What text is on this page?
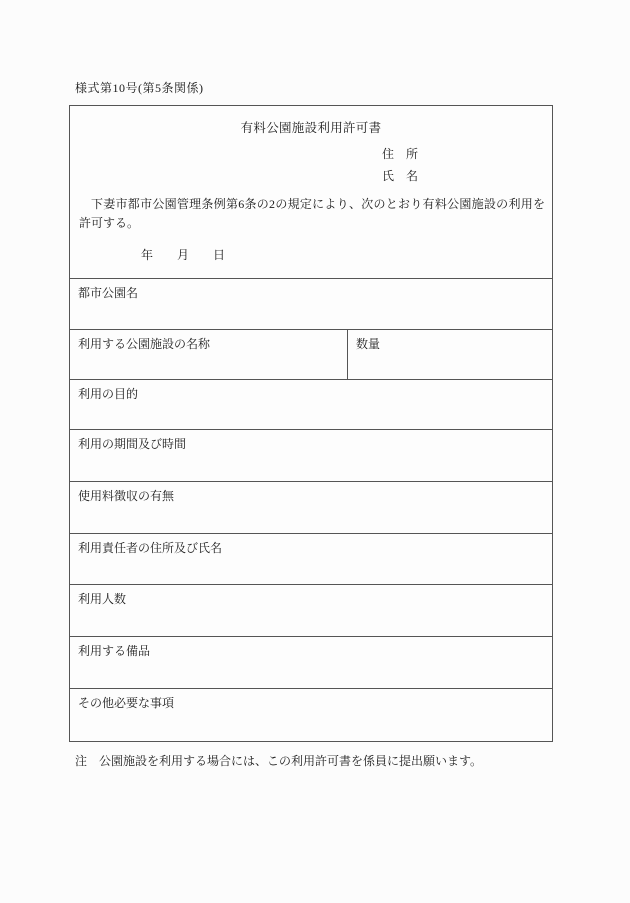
様式第10号(第5条関係)
有料公園施設利用許可書
住　所
氏　名

下妻市都市公園管理条例第6条の2の規定により、次のとおり有料公園施設の利用を許可する。

年　　月　　日
都市公園名
利用する公園施設の名称	数量
利用の目的
利用の期間及び時間
使用料徴収の有無
利用責任者の住所及び氏名
利用人数
利用する備品
その他必要な事項
注　公園施設を利用する場合には、この利用許可書を係員に提出願います。
